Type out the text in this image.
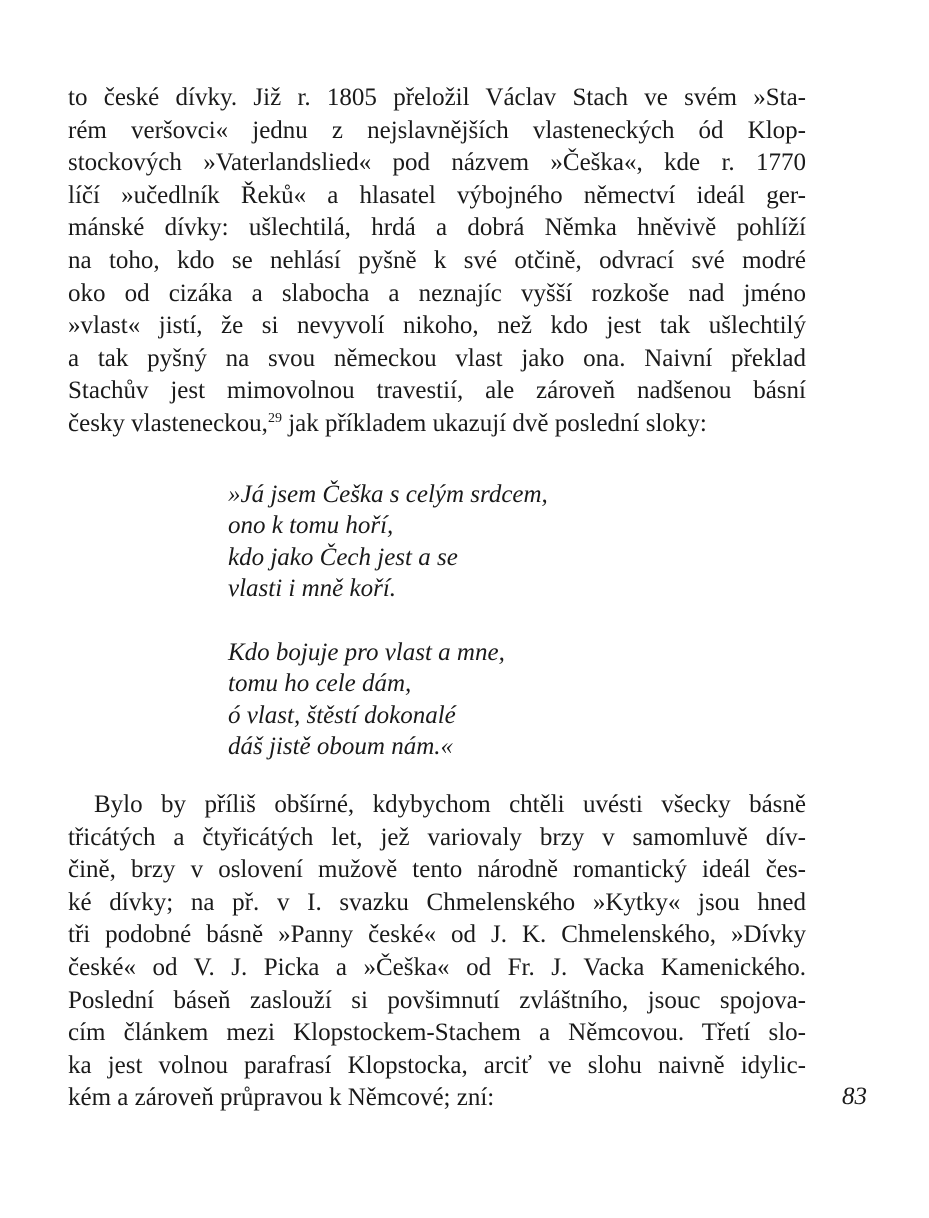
to české dívky. Již r. 1805 přeložil Václav Stach ve svém »Sta-
rém veršovci« jednu z nejslavnějších vlasteneckých ód Klop-
stockových »Vaterlandslied« pod názvem »Češka«, kde r. 1770
líčí »učedlník Řeků« a hlasatel výbojného němectví ideál ger-
mánské dívky: ušlechtilá, hrdá a dobrá Němka hněvivě pohlíží
na toho, kdo se nehlásí pyšně k své otčině, odvrací své modré
oko od cizáka a slabocha a neznajíc vyšší rozkoše nad jméno
»vlast« jistí, že si nevyvolí nikoho, než kdo jest tak ušlechtilý
a tak pyšný na svou německou vlast jako ona. Naivní překlad
Stachův jest mimovolnou travestií, ale zároveň nadšenou básní
česky vlasteneckou,$^{29}$ jak příkladem ukazují dvě poslední sloky:
»Já jsem Češka s celým srdcem,
ono k tomu hoří,
kdo jako Čech jest a se
vlasti i mně koří.
Kdo bojuje pro vlast a mne,
tomu ho cele dám,
ó vlast, štěstí dokonalé
dáš jistě oboum nám.«
Bylo by příliš obšírné, kdybychom chtěli uvésti všecky básně
třicátých a čtyřicátých let, jež variovaly brzy v samomluvě dív-
čině, brzy v oslovení mužově tento národně romantický ideál čes-
ké dívky; na př. v I. svazku Chmelenského »Kytky« jsou hned
tři podobné básně »Panny české« od J. K. Chmelenského, »Dívky
české« od V. J. Picka a »Češka« od Fr. J. Vacka Kamenického.
Poslední báseň zaslouží si povšimnutí zvláštního, jsouc spojova-
cím článkem mezi Klopstockem-Stachem a Němcovou. Třetí slo-
ka jest volnou parafrasí Klopstocka, arciť ve slohu naivně idylic-
kém a zároveň průpravou k Němcové; zní:	83
